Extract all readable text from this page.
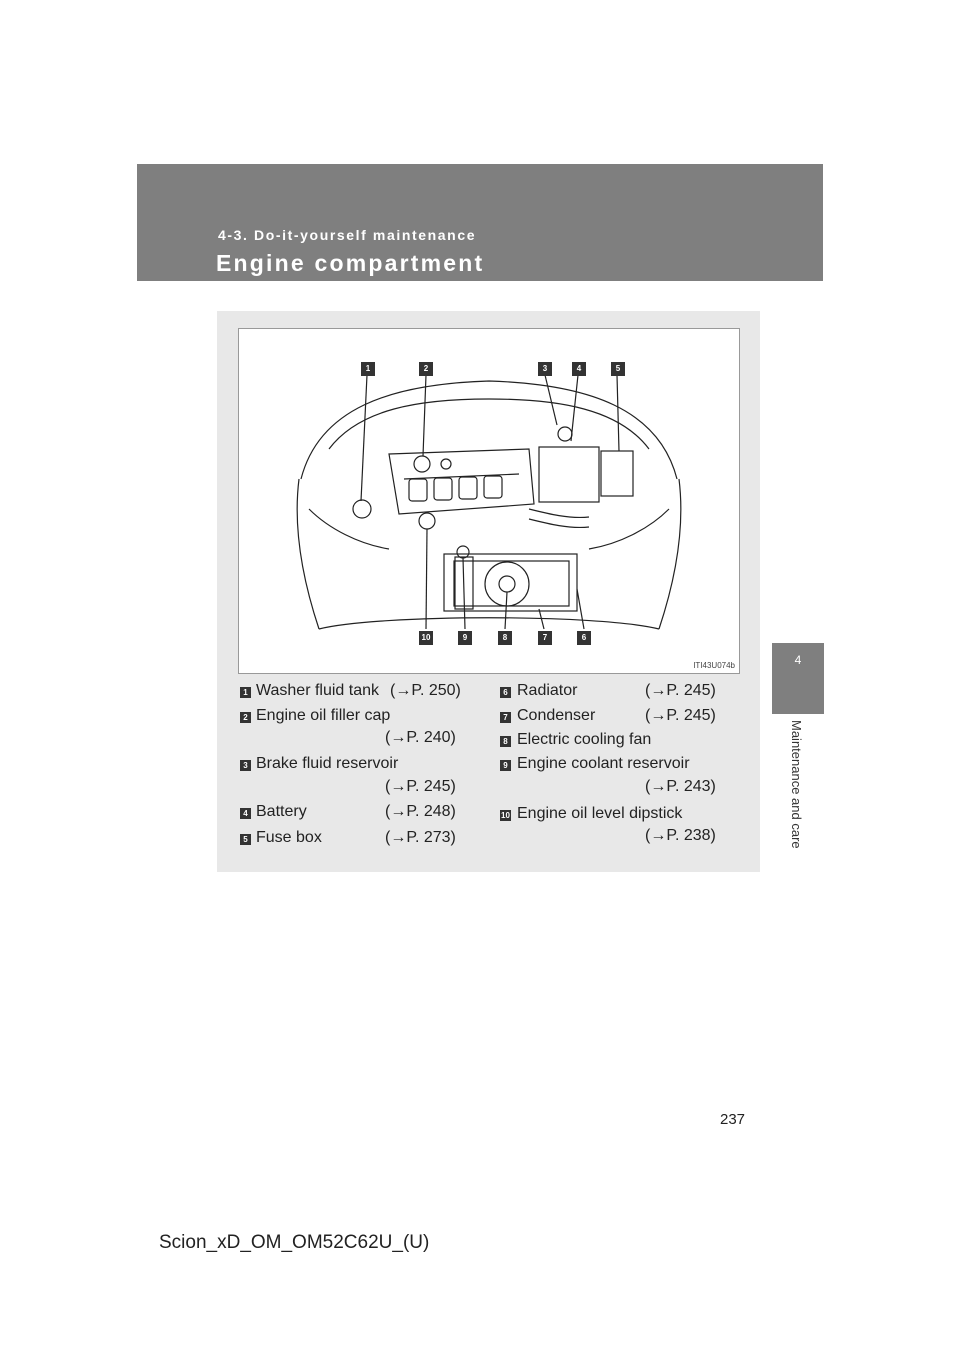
4-3. Do-it-yourself maintenance
Engine compartment
4
Maintenance and care
1	2	3	4	5
6
7
8
9
10
ITI43U074b
1 Washer fluid tank (→P. 250)
2 Engine oil filler cap
(→P. 240)
3 Brake fluid reservoir
(→P. 245)
4 Battery	(→P. 248)
5 Fuse box	(→P. 273)
6 Radiator	(→P. 245)
7 Condenser	(→P. 245)
8 Electric cooling fan
9 Engine coolant reservoir
(→P. 243)
10 Engine oil level dipstick
(→P. 238)
237
Scion_xD_OM_OM52C62U_(U)
